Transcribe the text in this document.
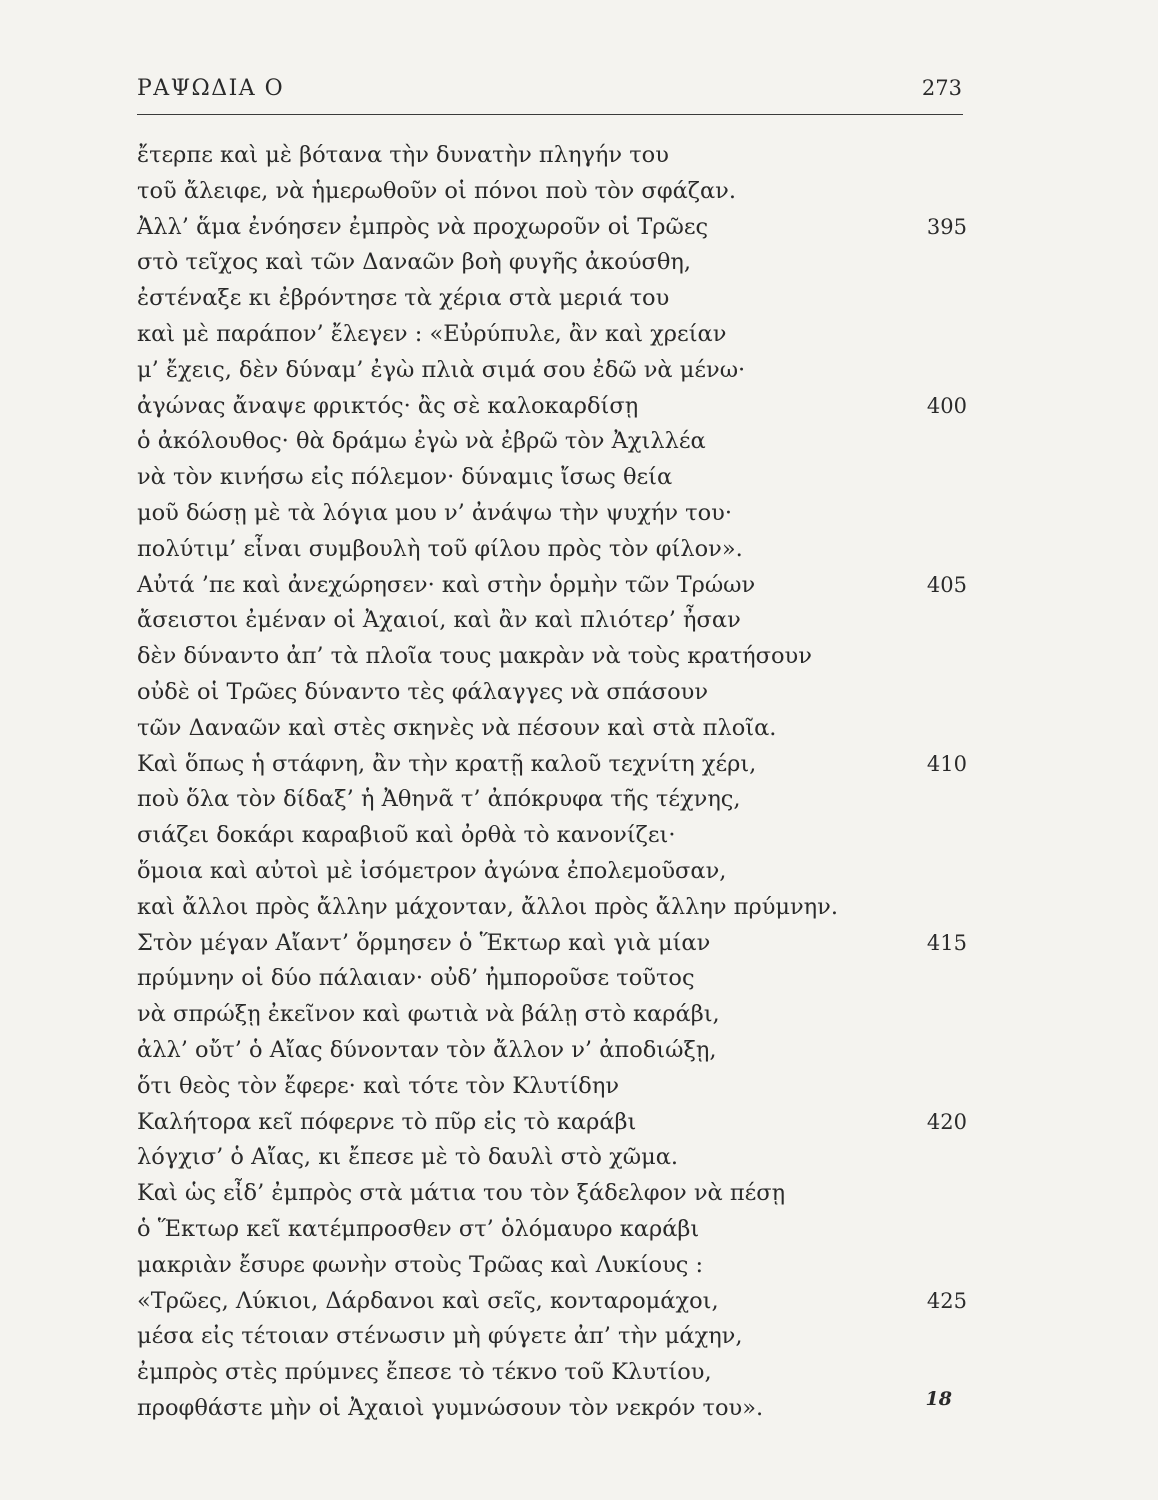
ΡΑΨΩΔΙΑ Ο	273
ἔτερπε καὶ μὲ βότανα τὴν δυνατὴν πληγήν του
τοῦ ἄλειφε, νὰ ἡμερωθοῦν οἱ πόνοι ποὺ τὸν σφάζαν.
Ἀλλ’ ἅμα ἐνόησεν ἐμπρὸς νὰ προχωροῦν οἱ Τρῶες	395
στὸ τεῖχος καὶ τῶν Δαναῶν βοὴ φυγῆς ἀκούσθη,
ἐστέναξε κι ἐβρόντησε τὰ χέρια στὰ μεριά του
καὶ μὲ παράπον’ ἔλεγεν : «Εὐρύπυλε, ἂν καὶ χρείαν
μ’ ἔχεις, δὲν δύναμ’ ἐγὼ πλιὰ σιμά σου ἐδῶ νὰ μένω·
ἀγώνας ἄναψε φρικτός· ἂς σὲ καλοκαρδίσῃ	400
ὁ ἀκόλουθος· θὰ δράμω ἐγὼ νὰ ἐβρῶ τὸν Ἀχιλλέα
νὰ τὸν κινήσω εἰς πόλεμον· δύναμις ἴσως θεία
μοῦ δώσῃ μὲ τὰ λόγια μου ν’ ἀνάψω τὴν ψυχήν του·
πολύτιμ’ εἶναι συμβουλὴ τοῦ φίλου πρὸς τὸν φίλον».
Αὐτά ’πε καὶ ἀνεχώρησεν· καὶ στὴν ὁρμὴν τῶν Τρώων	405
ἄσειστοι ἐμέναν οἱ Ἀχαιοί, καὶ ἂν καὶ πλιότερ’ ἦσαν
δὲν δύναντο ἀπ’ τὰ πλοῖα τους μακρὰν νὰ τοὺς κρατήσουν
οὐδὲ οἱ Τρῶες δύναντο τὲς φάλαγγες νὰ σπάσουν
τῶν Δαναῶν καὶ στὲς σκηνὲς νὰ πέσουν καὶ στὰ πλοῖα.
Καὶ ὅπως ἡ στάφνη, ἂν τὴν κρατῇ καλοῦ τεχνίτη χέρι,	410
ποὺ ὅλα τὸν δίδαξ’ ἡ Ἀθηνᾶ τ’ ἀπόκρυφα τῆς τέχνης,
σιάζει δοκάρι καραβιοῦ καὶ ὀρθὰ τὸ κανονίζει·
ὅμοια καὶ αὐτοὶ μὲ ἰσόμετρον ἀγώνα ἐπολεμοῦσαν,
καὶ ἄλλοι πρὸς ἄλλην μάχονταν, ἄλλοι πρὸς ἄλλην πρύμνην.
Στὸν μέγαν Αἴαντ’ ὅρμησεν ὁ Ἕκτωρ καὶ γιὰ μίαν	415
πρύμνην οἱ δύο πάλαιαν· οὐδ’ ἠμποροῦσε τοῦτος
νὰ σπρώξῃ ἐκεῖνον καὶ φωτιὰ νὰ βάλῃ στὸ καράβι,
ἀλλ’ οὔτ’ ὁ Αἴας δύνονταν τὸν ἄλλον ν’ ἀποδιώξῃ,
ὅτι θεὸς τὸν ἔφερε· καὶ τότε τὸν Κλυτίδην
Καλήτορα κεῖ πόφερνε τὸ πῦρ εἰς τὸ καράβι	420
λόγχισ’ ὁ Αἴας, κι ἔπεσε μὲ τὸ δαυλὶ στὸ χῶμα.
Καὶ ὡς εἶδ’ ἐμπρὸς στὰ μάτια του τὸν ξάδελφον νὰ πέσῃ
ὁ Ἕκτωρ κεῖ κατέμπροσθεν στ’ ὁλόμαυρο καράβι
μακριὰν ἔσυρε φωνὴν στοὺς Τρῶας καὶ Λυκίους :
«Τρῶες, Λύκιοι, Δάρδανοι καὶ σεῖς, κονταρομάχοι,	425
μέσα εἰς τέτοιαν στένωσιν μὴ φύγετε ἀπ’ τὴν μάχην,
ἐμπρὸς στὲς πρύμνες ἔπεσε τὸ τέκνο τοῦ Κλυτίου,
προφθάστε μὴν οἱ Ἀχαιοὶ γυμνώσουν τὸν νεκρόν του».	18
